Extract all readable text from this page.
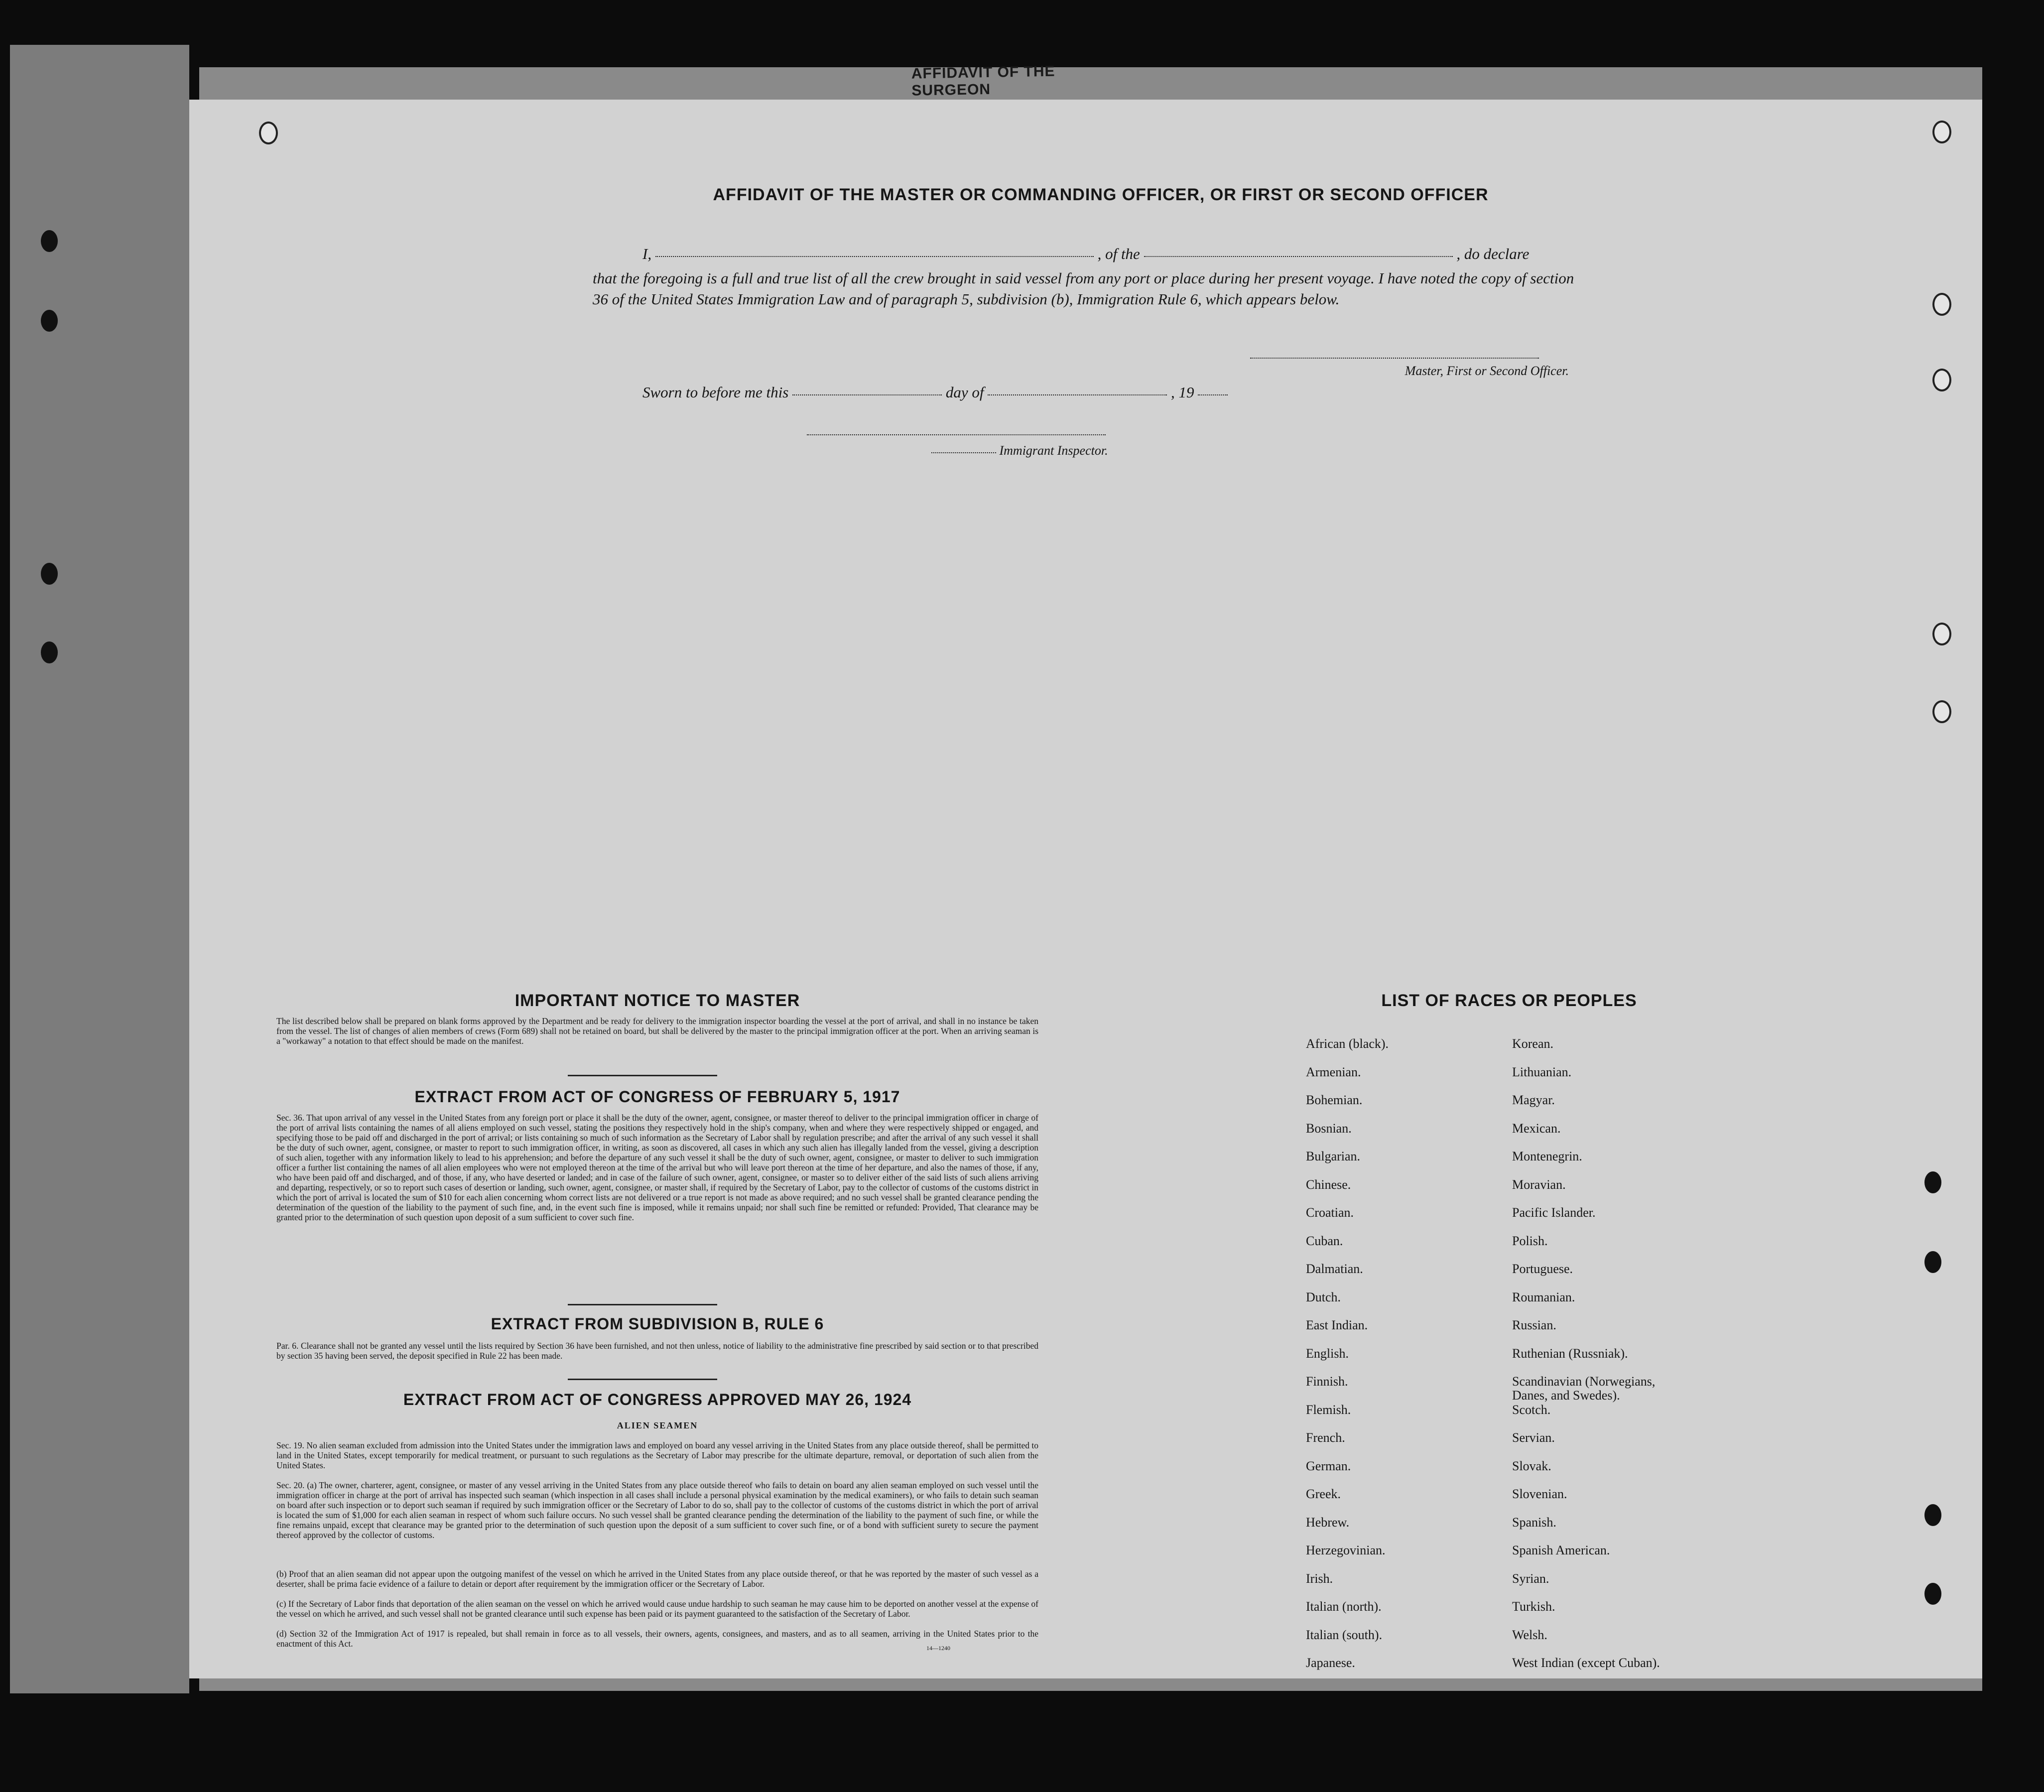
AFFIDAVIT OF THE SURGEON
AFFIDAVIT OF THE MASTER OR COMMANDING OFFICER, OR FIRST OR SECOND OFFICER
I,	, of the	, do declare
that the foregoing is a full and true list of all the crew brought in said vessel from any port or place during her present voyage. I have noted the copy of section 36 of the United States Immigration Law and of paragraph 5, subdivision (b), Immigration Rule 6, which appears below.
Master, First or Second Officer.
Sworn to before me this	day of	, 19
Immigrant Inspector.
IMPORTANT NOTICE TO MASTER
The list described below shall be prepared on blank forms approved by the Department and be ready for delivery to the immigration inspector boarding the vessel at the port of arrival, and shall in no instance be taken from the vessel. The list of changes of alien members of crews (Form 689) shall not be retained on board, but shall be delivered by the master to the principal immigration officer at the port. When an arriving seaman is a "workaway" a notation to that effect should be made on the manifest.
EXTRACT FROM ACT OF CONGRESS OF FEBRUARY 5, 1917
Sec. 36. That upon arrival of any vessel in the United States from any foreign port or place it shall be the duty of the owner, agent, consignee, or master thereof to deliver to the principal immigration officer in charge of the port of arrival lists containing the names of all aliens employed on such vessel, stating the positions they respectively hold in the ship's company, when and where they were respectively shipped or engaged, and specifying those to be paid off and discharged in the port of arrival; or lists containing so much of such information as the Secretary of Labor shall by regulation prescribe; and after the arrival of any such vessel it shall be the duty of such owner, agent, consignee, or master to report to such immigration officer, in writing, as soon as discovered, all cases in which any such alien has illegally landed from the vessel, giving a description of such alien, together with any information likely to lead to his apprehension; and before the departure of any such vessel it shall be the duty of such owner, agent, consignee, or master to deliver to such immigration officer a further list containing the names of all alien employees who were not employed thereon at the time of the arrival but who will leave port thereon at the time of her departure, and also the names of those, if any, who have been paid off and discharged, and of those, if any, who have deserted or landed; and in case of the failure of such owner, agent, consignee, or master so to deliver either of the said lists of such aliens arriving and departing, respectively, or so to report such cases of desertion or landing, such owner, agent, consignee, or master shall, if required by the Secretary of Labor, pay to the collector of customs of the customs district in which the port of arrival is located the sum of $10 for each alien concerning whom correct lists are not delivered or a true report is not made as above required; and no such vessel shall be granted clearance pending the determination of the question of the liability to the payment of such fine, and, in the event such fine is imposed, while it remains unpaid; nor shall such fine be remitted or refunded: Provided, That clearance may be granted prior to the determination of such question upon deposit of a sum sufficient to cover such fine.
EXTRACT FROM SUBDIVISION B, RULE 6
Par. 6. Clearance shall not be granted any vessel until the lists required by Section 36 have been furnished, and not then unless, notice of liability to the administrative fine prescribed by said section or to that prescribed by section 35 having been served, the deposit specified in Rule 22 has been made.
EXTRACT FROM ACT OF CONGRESS APPROVED MAY 26, 1924
ALIEN SEAMEN
Sec. 19. No alien seaman excluded from admission into the United States under the immigration laws and employed on board any vessel arriving in the United States from any place outside thereof, shall be permitted to land in the United States, except temporarily for medical treatment, or pursuant to such regulations as the Secretary of Labor may prescribe for the ultimate departure, removal, or deportation of such alien from the United States.
Sec. 20. (a) The owner, charterer, agent, consignee, or master of any vessel arriving in the United States from any place outside thereof who fails to detain on board any alien seaman employed on such vessel until the immigration officer in charge at the port of arrival has inspected such seaman (which inspection in all cases shall include a personal physical examination by the medical examiners), or who fails to detain such seaman on board after such inspection or to deport such seaman if required by such immigration officer or the Secretary of Labor to do so, shall pay to the collector of customs of the customs district in which the port of arrival is located the sum of $1,000 for each alien seaman in respect of whom such failure occurs. No such vessel shall be granted clearance pending the determination of the liability to the payment of such fine, or while the fine remains unpaid, except that clearance may be granted prior to the determination of such question upon the deposit of a sum sufficient to cover such fine, or of a bond with sufficient surety to secure the payment thereof approved by the collector of customs.
(b) Proof that an alien seaman did not appear upon the outgoing manifest of the vessel on which he arrived in the United States from any place outside thereof, or that he was reported by the master of such vessel as a deserter, shall be prima facie evidence of a failure to detain or deport after requirement by the immigration officer or the Secretary of Labor.
(c) If the Secretary of Labor finds that deportation of the alien seaman on the vessel on which he arrived would cause undue hardship to such seaman he may cause him to be deported on another vessel at the expense of the vessel on which he arrived, and such vessel shall not be granted clearance until such expense has been paid or its payment guaranteed to the satisfaction of the Secretary of Labor.
(d) Section 32 of the Immigration Act of 1917 is repealed, but shall remain in force as to all vessels, their owners, agents, consignees, and masters, and as to all seamen, arriving in the United States prior to the enactment of this Act.	14—1240
LIST OF RACES OR PEOPLES
African (black).
Armenian.
Bohemian.
Bosnian.
Bulgarian.
Chinese.
Croatian.
Cuban.
Dalmatian.
Dutch.
East Indian.
English.
Finnish.
Flemish.
French.
German.
Greek.
Hebrew.
Herzegovinian.
Irish.
Italian (north).
Italian (south).
Japanese.
Korean.
Lithuanian.
Magyar.
Mexican.
Montenegrin.
Moravian.
Pacific Islander.
Polish.
Portuguese.
Roumanian.
Russian.
Ruthenian (Russniak).
Scandinavian (Norwegians, Danes, and Swedes).
Scotch.
Servian.
Slovak.
Slovenian.
Spanish.
Spanish American.
Syrian.
Turkish.
Welsh.
West Indian (except Cuban).
